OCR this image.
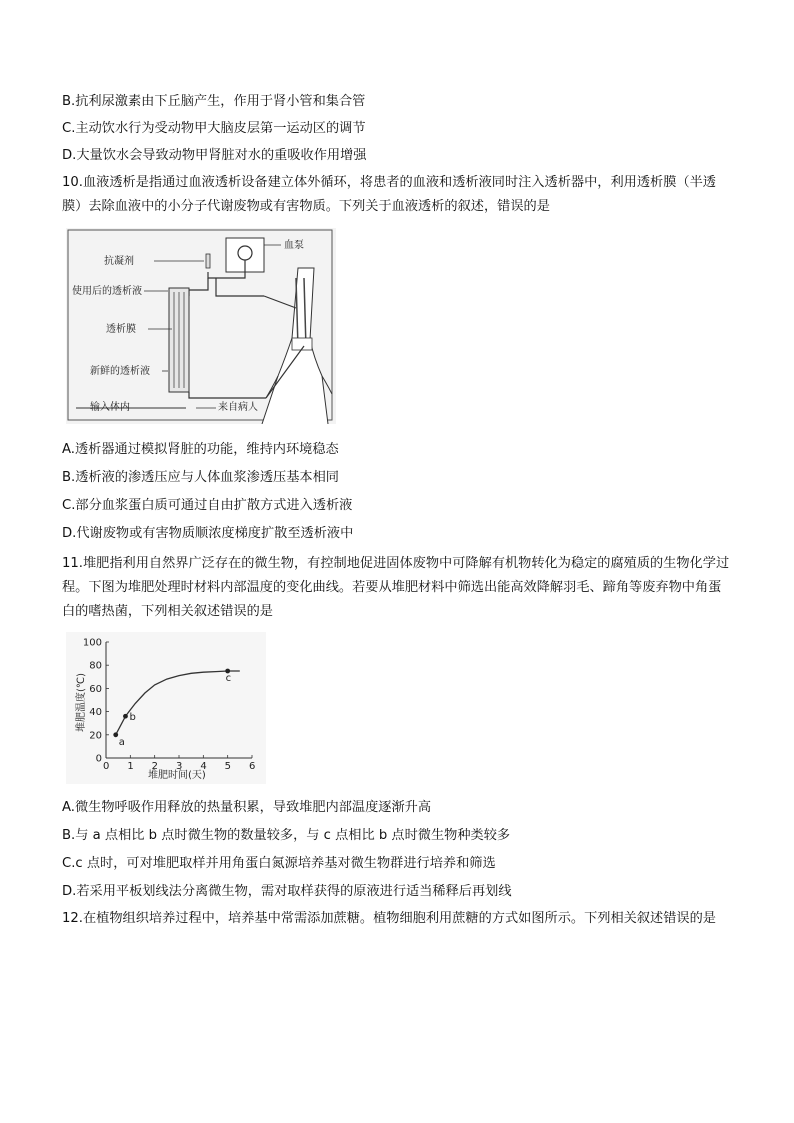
B.抗利尿激素由下丘脑产生，作用于肾小管和集合管
C.主动饮水行为受动物甲大脑皮层第一运动区的调节
D.大量饮水会导致动物甲肾脏对水的重吸收作用增强
10.血液透析是指通过血液透析设备建立体外循环，将患者的血液和透析液同时注入透析器中，利用透析膜（半透膜）去除血液中的小分子代谢废物或有害物质。下列关于血液透析的叙述，错误的是
血泵
抗凝剂
使用后的透析液
透析膜
新鲜的透析液
输入体内	来自病人
A.透析器通过模拟肾脏的功能，维持内环境稳态
B.透析液的渗透压应与人体血浆渗透压基本相同
C.部分血浆蛋白质可通过自由扩散方式进入透析液
D.代谢废物或有害物质顺浓度梯度扩散至透析液中
11.堆肥指利用自然界广泛存在的微生物，有控制地促进固体废物中可降解有机物转化为稳定的腐殖质的生物化学过程。下图为堆肥处理时材料内部温度的变化曲线。若要从堆肥材料中筛选出能高效降解羽毛、蹄角等废弃物中角蛋白的嗜热菌，下列相关叙述错误的是
0 1 2 3 4 5 6
0
20
40
60
80
100
a
b
c
堆肥温度(℃)
堆肥时间(天)
A.微生物呼吸作用释放的热量积累，导致堆肥内部温度逐渐升高
B.与 a 点相比 b 点时微生物的数量较多，与 c 点相比 b 点时微生物种类较多
C.c 点时，可对堆肥取样并用角蛋白氮源培养基对微生物群进行培养和筛选
D.若采用平板划线法分离微生物，需对取样获得的原液进行适当稀释后再划线
12.在植物组织培养过程中，培养基中常需添加蔗糖。植物细胞利用蔗糖的方式如图所示。下列相关叙述错误的是
